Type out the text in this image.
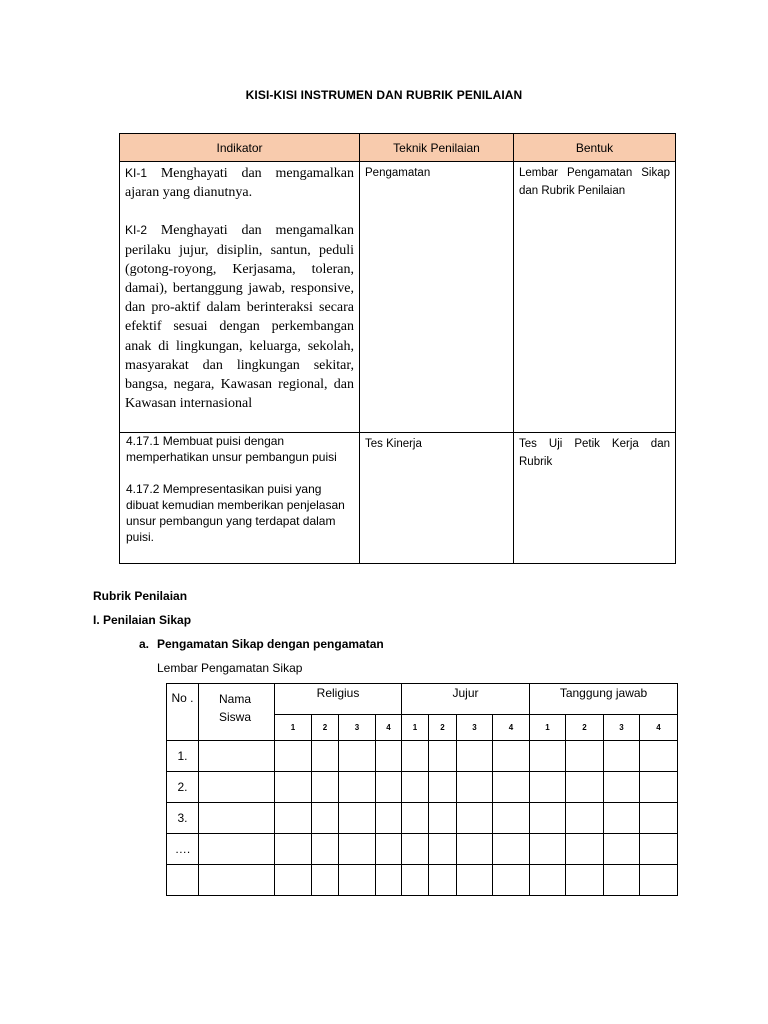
KISI-KISI INSTRUMEN DAN RUBRIK PENILAIAN
Indikator	Teknik Penilaian	Bentuk

KI-1 Menghayati dan mengamalkan ajaran yang dianutnya.
KI-2 Menghayati dan mengamalkan perilaku jujur, disiplin, santun, peduli (gotong-royong, Kerjasama, toleran, damai), bertanggung jawab, responsive, dan pro-aktif dalam berinteraksi secara efektif sesuai dengan perkembangan anak di lingkungan, keluarga, sekolah, masyarakat dan lingkungan sekitar, bangsa, negara, Kawasan regional, dan Kawasan internasional	Pengamatan	Lembar Pengamatan Sikap dan Rubrik Penilaian

4.17.1 Membuat puisi dengan memperhatikan unsur pembangun puisi
4.17.2 Mempresentasikan puisi yang dibuat kemudian memberikan penjelasan unsur pembangun yang terdapat dalam puisi.	Tes Kinerja	Tes Uji Petik Kerja dan Rubrik
Rubrik Penilaian
I. Penilaian Sikap
a. Pengamatan Sikap dengan pengamatan
Lembar Pengamatan Sikap
No .	Nama Siswa	Religius				Jujur				Tanggung jawab			
		1	2	3	4	1	2	3	4	1	2	3	4
1.													
2.													
3.													
….													
